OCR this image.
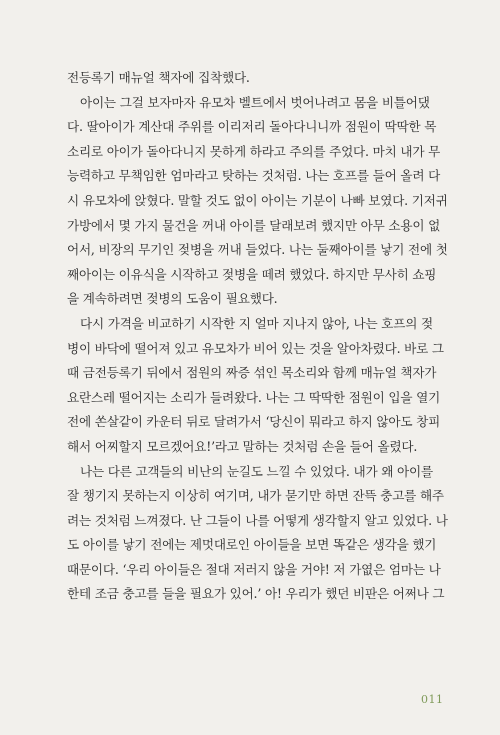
전등록기 매뉴얼 책자에 집착했다.
아이는 그걸 보자마자 유모차 벨트에서 벗어나려고 몸을 비틀어댔
다. 딸아이가 계산대 주위를 이리저리 돌아다니니까 점원이 딱딱한 목
소리로 아이가 돌아다니지 못하게 하라고 주의를 주었다. 마치 내가 무
능력하고 무책임한 엄마라고 탓하는 것처럼. 나는 호프를 들어 올려 다
시 유모차에 앉혔다. 말할 것도 없이 아이는 기분이 나빠 보였다. 기저귀
가방에서 몇 가지 물건을 꺼내 아이를 달래보려 했지만 아무 소용이 없
어서, 비장의 무기인 젖병을 꺼내 들었다. 나는 둘째아이를 낳기 전에 첫
째아이는 이유식을 시작하고 젖병을 떼려 했었다. 하지만 무사히 쇼핑
을 계속하려면 젖병의 도움이 필요했다.
다시 가격을 비교하기 시작한 지 얼마 지나지 않아, 나는 호프의 젖
병이 바닥에 떨어져 있고 유모차가 비어 있는 것을 알아차렸다. 바로 그
때 금전등록기 뒤에서 점원의 짜증 섞인 목소리와 함께 매뉴얼 책자가
요란스레 떨어지는 소리가 들려왔다. 나는 그 딱딱한 점원이 입을 열기
전에 쏜살같이 카운터 뒤로 달려가서 ‘당신이 뭐라고 하지 않아도 창피
해서 어찌할지 모르겠어요!’라고 말하는 것처럼 손을 들어 올렸다.
나는 다른 고객들의 비난의 눈길도 느낄 수 있었다. 내가 왜 아이를
잘 챙기지 못하는지 이상히 여기며, 내가 묻기만 하면 잔뜩 충고를 해주
려는 것처럼 느껴졌다. 난 그들이 나를 어떻게 생각할지 알고 있었다. 나
도 아이를 낳기 전에는 제멋대로인 아이들을 보면 똑같은 생각을 했기
때문이다. ‘우리 아이들은 절대 저러지 않을 거야! 저 가엾은 엄마는 나
한테 조금 충고를 들을 필요가 있어.’ 아! 우리가 했던 비판은 어쩌나 그
011
